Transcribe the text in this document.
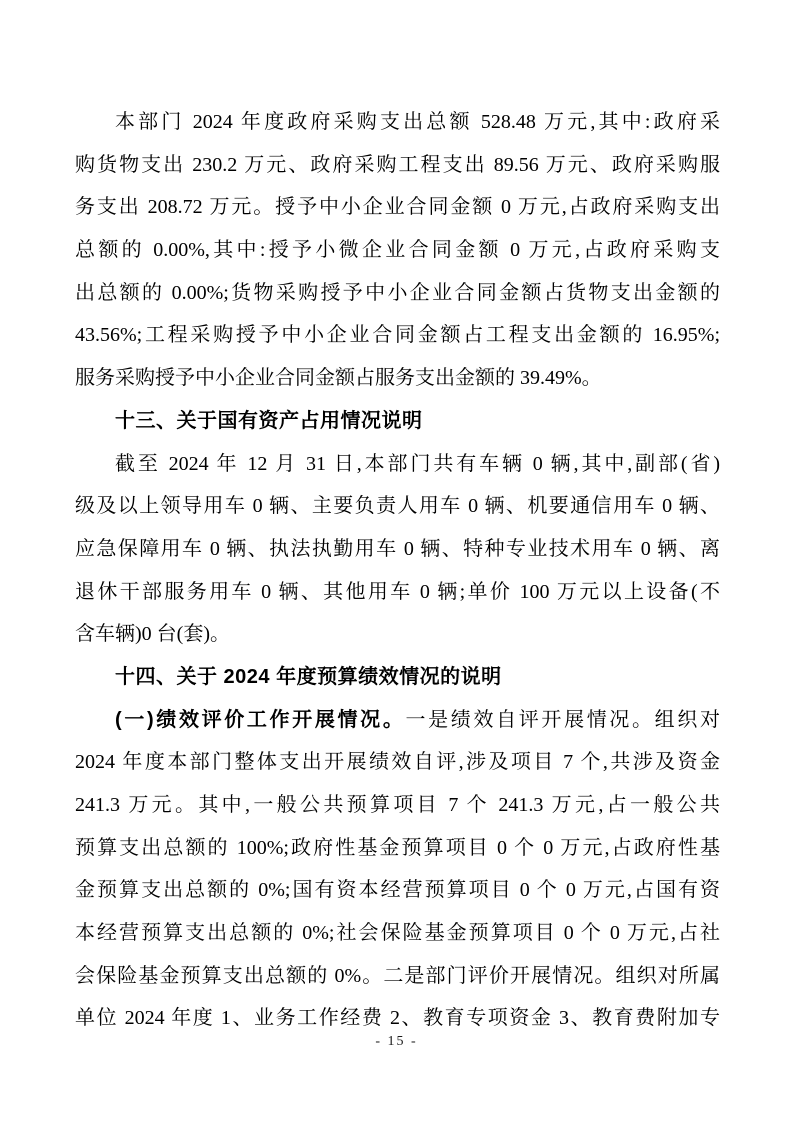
本部门 2024 年度政府采购支出总额 528.48 万元,其中:政府采
购货物支出 230.2 万元、政府采购工程支出 89.56 万元、政府采购服
务支出 208.72 万元。授予中小企业合同金额 0 万元,占政府采购支出
总额的 0.00%,其中:授予小微企业合同金额 0 万元,占政府采购支
出总额的 0.00%;货物采购授予中小企业合同金额占货物支出金额的
43.56%;工程采购授予中小企业合同金额占工程支出金额的 16.95%;
服务采购授予中小企业合同金额占服务支出金额的 39.49%。
十三、关于国有资产占用情况说明
截至 2024 年 12 月 31 日,本部门共有车辆 0 辆,其中,副部(省)
级及以上领导用车 0 辆、主要负责人用车 0 辆、机要通信用车 0 辆、
应急保障用车 0 辆、执法执勤用车 0 辆、特种专业技术用车 0 辆、离
退休干部服务用车 0 辆、其他用车 0 辆;单价 100 万元以上设备(不
含车辆)0 台(套)。
十四、关于 2024 年度预算绩效情况的说明
(一)绩效评价工作开展情况。一是绩效自评开展情况。组织对
2024 年度本部门整体支出开展绩效自评,涉及项目 7 个,共涉及资金
241.3 万元。其中,一般公共预算项目 7 个 241.3 万元,占一般公共
预算支出总额的 100%;政府性基金预算项目 0 个 0 万元,占政府性基
金预算支出总额的 0%;国有资本经营预算项目 0 个 0 万元,占国有资
本经营预算支出总额的 0%;社会保险基金预算项目 0 个 0 万元,占社
会保险基金预算支出总额的 0%。二是部门评价开展情况。组织对所属
单位 2024 年度 1、业务工作经费 2、教育专项资金 3、教育费附加专
- 15 -
